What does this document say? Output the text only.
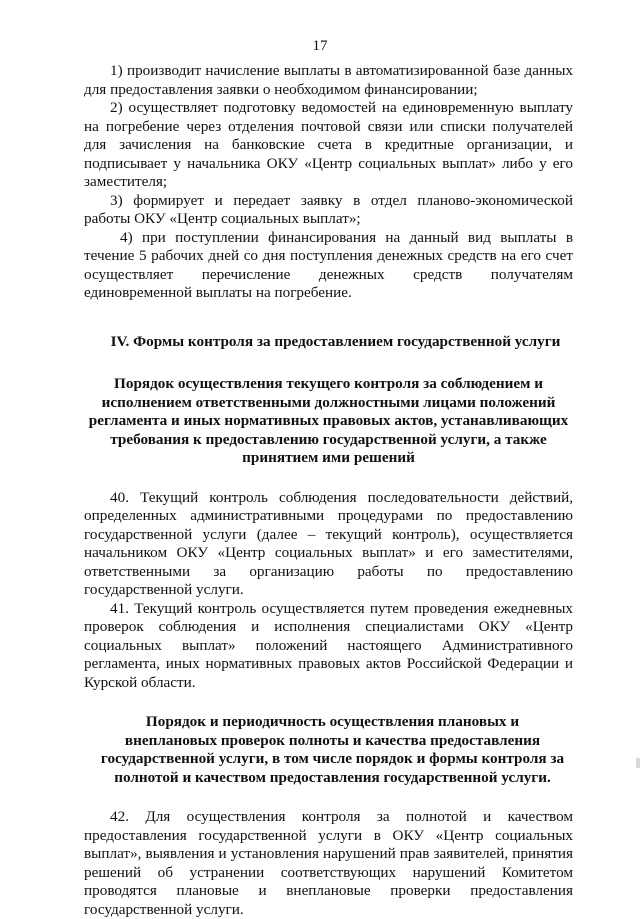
17

1) производит начисление выплаты в автоматизированной базе данных для предоставления заявки о необходимом финансировании;

2) осуществляет подготовку ведомостей на единовременную выплату на погребение через отделения почтовой связи или списки получателей для зачисления на банковские счета в кредитные организации, и подписывает у начальника ОКУ «Центр социальных выплат» либо у его заместителя;

3) формирует и передает заявку в отдел планово-экономической работы ОКУ «Центр социальных выплат»;

4) при поступлении финансирования на данный вид выплаты в течение 5 рабочих дней со дня поступления денежных средств на его счет осуществляет перечисление денежных средств получателям единовременной выплаты на погребение.

IV. Формы контроля за предоставлением государственной услуги

Порядок осуществления текущего контроля за соблюдением и
исполнением ответственными должностными лицами положений
регламента и иных нормативных правовых актов, устанавливающих
требования к предоставлению государственной услуги, а также
принятием ими решений

40. Текущий контроль соблюдения последовательности действий, определенных административными процедурами по предоставлению государственной услуги (далее – текущий контроль), осуществляется начальником ОКУ «Центр социальных выплат» и его заместителями, ответственными за организацию работы по предоставлению государственной услуги.

41. Текущий контроль осуществляется путем проведения ежедневных проверок соблюдения и исполнения специалистами ОКУ «Центр социальных выплат» положений настоящего Административного регламента, иных нормативных правовых актов Российской Федерации и Курской области.

Порядок и периодичность осуществления плановых и
внеплановых проверок полноты и качества предоставления
государственной услуги, в том числе порядок и формы контроля за
полнотой и качеством предоставления государственной услуги.

42. Для осуществления контроля за полнотой и качеством предоставления государственной услуги в ОКУ «Центр социальных выплат», выявления и установления нарушений прав заявителей, принятия решений об устранении соответствующих нарушений Комитетом проводятся плановые и внеплановые проверки предоставления государственной услуги.
